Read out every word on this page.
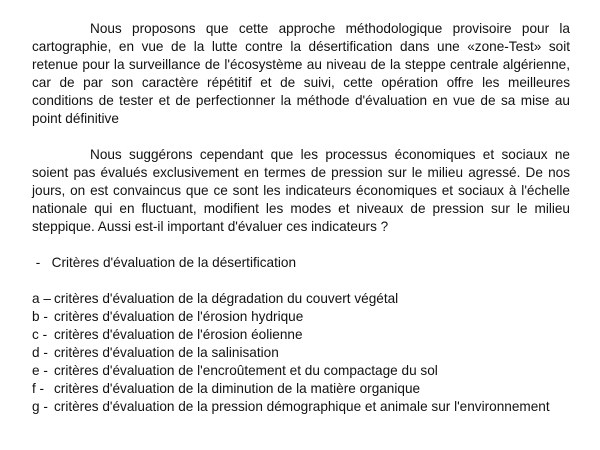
Nous proposons que cette approche méthodologique provisoire pour la cartographie, en vue de la lutte contre la désertification dans une «zone-Test» soit retenue pour la surveillance de l'écosystème au niveau de la steppe centrale algérienne, car de par son caractère répétitif et de suivi, cette opération offre les meilleures conditions de tester et de perfectionner la méthode d'évaluation en vue de sa mise au point définitive

Nous suggérons cependant que les processus économiques et sociaux ne soient pas évalués exclusivement en termes de pression sur le milieu agressé. De nos jours, on est convaincus que ce sont les indicateurs économiques et sociaux à l'échelle nationale qui en fluctuant, modifient les modes et niveaux de pression sur le milieu steppique. Aussi est-il important d'évaluer ces indicateurs ?

-   Critères d'évaluation de la désertification

a – critères d'évaluation de la dégradation du couvert végétal
b - critères d'évaluation de l'érosion hydrique
c - critères d'évaluation de l'érosion éolienne
d - critères d'évaluation de la salinisation
e - critères d'évaluation de l'encroûtement et du compactage du sol
f - critères d'évaluation de la diminution de la matière organique
g - critères d'évaluation de la pression démographique et animale sur l'environnement
